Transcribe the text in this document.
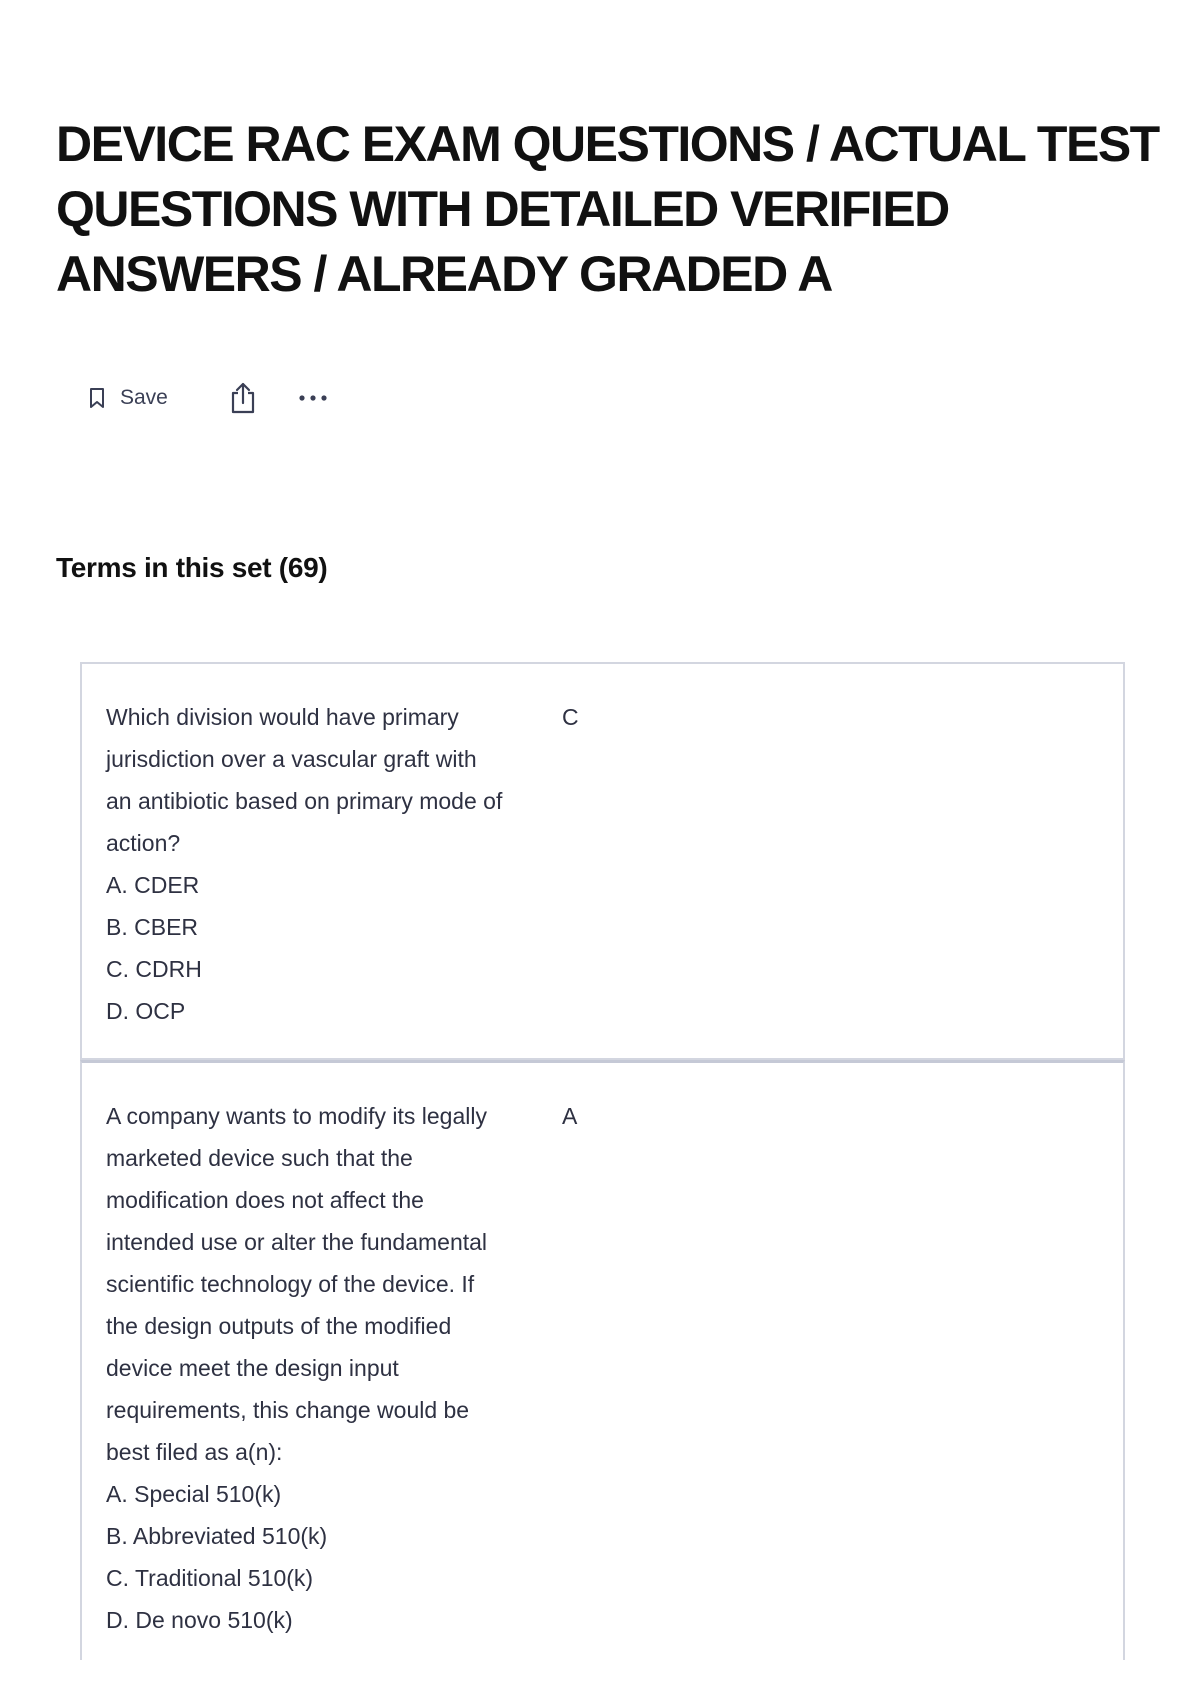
DEVICE RAC EXAM QUESTIONS / ACTUAL TEST QUESTIONS WITH DETAILED VERIFIED ANSWERS / ALREADY GRADED A
Save
Terms in this set (69)
Which division would have primary jurisdiction over a vascular graft with an antibiotic based on primary mode of action?
A. CDER
B. CBER
C. CDRH
D. OCP
C
A company wants to modify its legally marketed device such that the modification does not affect the intended use or alter the fundamental scientific technology of the device. If the design outputs of the modified device meet the design input requirements, this change would be best filed as a(n):
A. Special 510(k)
B. Abbreviated 510(k)
C. Traditional 510(k)
D. De novo 510(k)
A
